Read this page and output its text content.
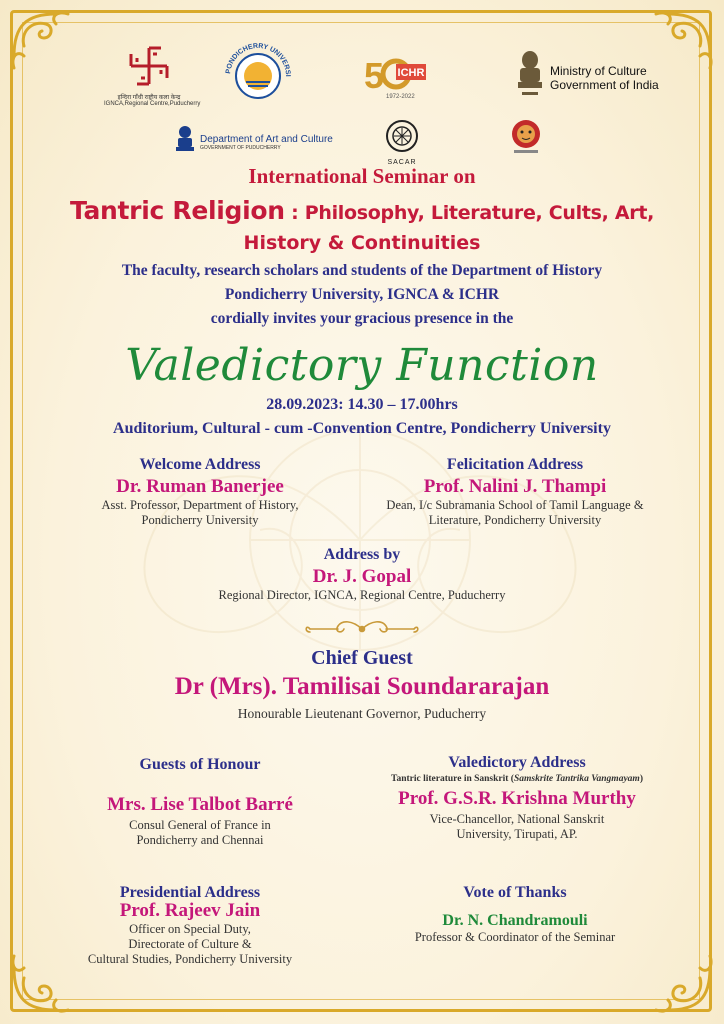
इन्दिरा गाँधी राष्ट्रीय कला केन्द्र
IGNCA,Regional Centre,Puducherry
PONDICHERRY UNIVERSI 5 ICHR
1972-2022
Ministry of Culture
Government of India
Department of Art and Culture
GOVERNMENT OF PUDUCHERRY
SACAR
International Seminar on
Tantric Religion : Philosophy, Literature, Cults, Art,
History & Continuities
The faculty, research scholars and students of the Department of History
Pondicherry University, IGNCA & ICHR
cordially invites your gracious presence in the
Valedictory Function
28.09.2023: 14.30 – 17.00hrs
Auditorium, Cultural - cum -Convention Centre, Pondicherry University
Welcome Address
Dr. Ruman Banerjee
Asst. Professor, Department of History,
Pondicherry University
Felicitation Address
Prof. Nalini J. Thampi
Dean, I/c Subramania School of Tamil Language &
Literature, Pondicherry University
Address by
Dr. J. Gopal
Regional Director, IGNCA, Regional Centre, Puducherry
Chief Guest
Dr (Mrs). Tamilisai Soundararajan
Honourable Lieutenant Governor, Puducherry
Guests of Honour
Mrs. Lise Talbot Barré
Consul General of France in
Pondicherry and Chennai
Valedictory Address
Tantric literature in Sanskrit (Samskrite Tantrika Vangmayam)
Prof. G.S.R. Krishna Murthy
Vice-Chancellor, National Sanskrit
University, Tirupati, AP.
Presidential Address
Prof. Rajeev Jain
Officer on Special Duty,
Directorate of Culture &
Cultural Studies, Pondicherry University
Vote of Thanks
Dr. N. Chandramouli
Professor & Coordinator of the Seminar
